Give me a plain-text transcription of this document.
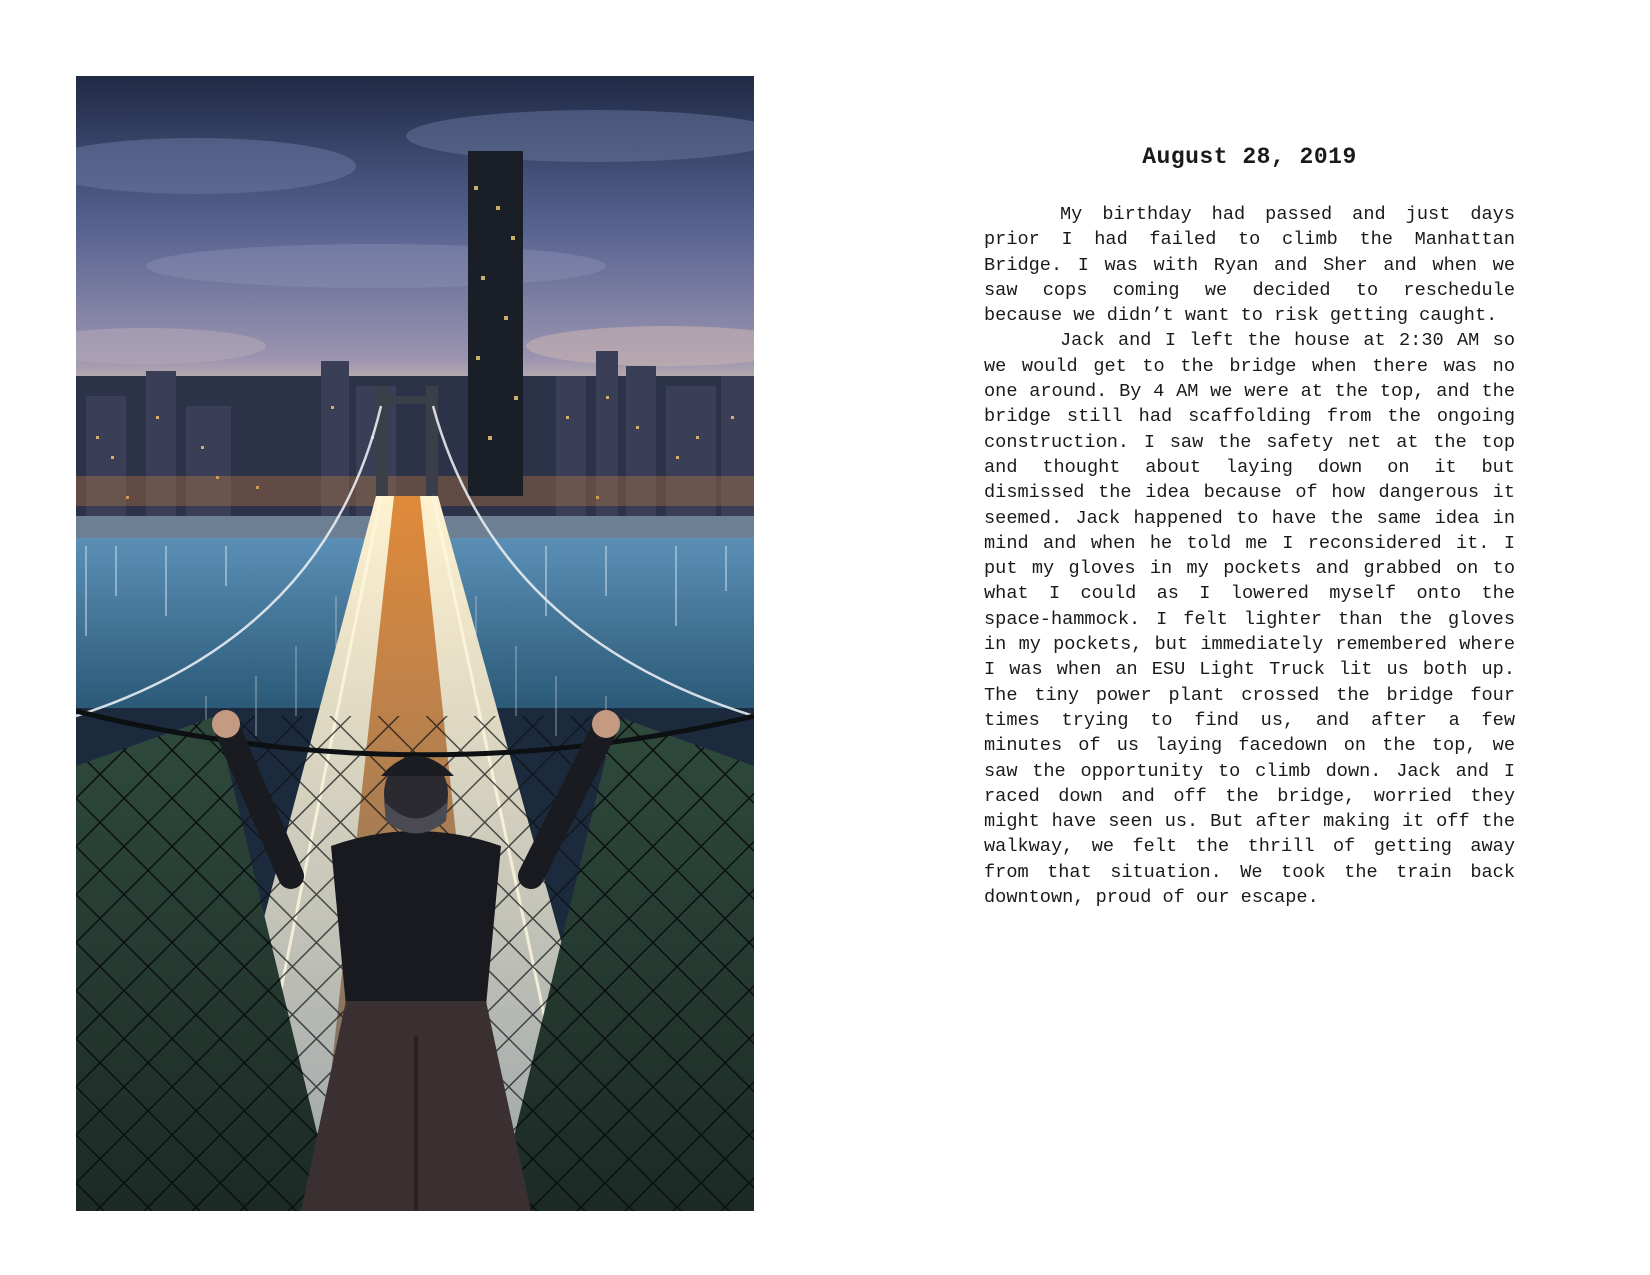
August 28, 2019

My birthday had passed and just days prior I had failed to climb the Manhattan Bridge. I was with Ryan and Sher and when we saw cops coming we decided to reschedule because we didn’t want to risk getting caught.

Jack and I left the house at 2:30 AM so we would get to the bridge when there was no one around. By 4 AM we were at the top, and the bridge still had scaffolding from the ongoing construction. I saw the safety net at the top and thought about laying down on it but dismissed the idea because of how dangerous it seemed. Jack happened to have the same idea in mind and when he told me I reconsidered it. I put my gloves in my pockets and grabbed on to what I could as I lowered myself onto the space-hammock. I felt lighter than the gloves in my pockets, but immediately remembered where I was when an ESU Light Truck lit us both up. The tiny power plant crossed the bridge four times trying to find us, and after a few minutes of us laying facedown on the top, we saw the opportunity to climb down. Jack and I raced down and off the bridge, worried they might have seen us. But after making it off the walkway, we felt the thrill of getting away from that situation. We took the train back downtown, proud of our escape.
